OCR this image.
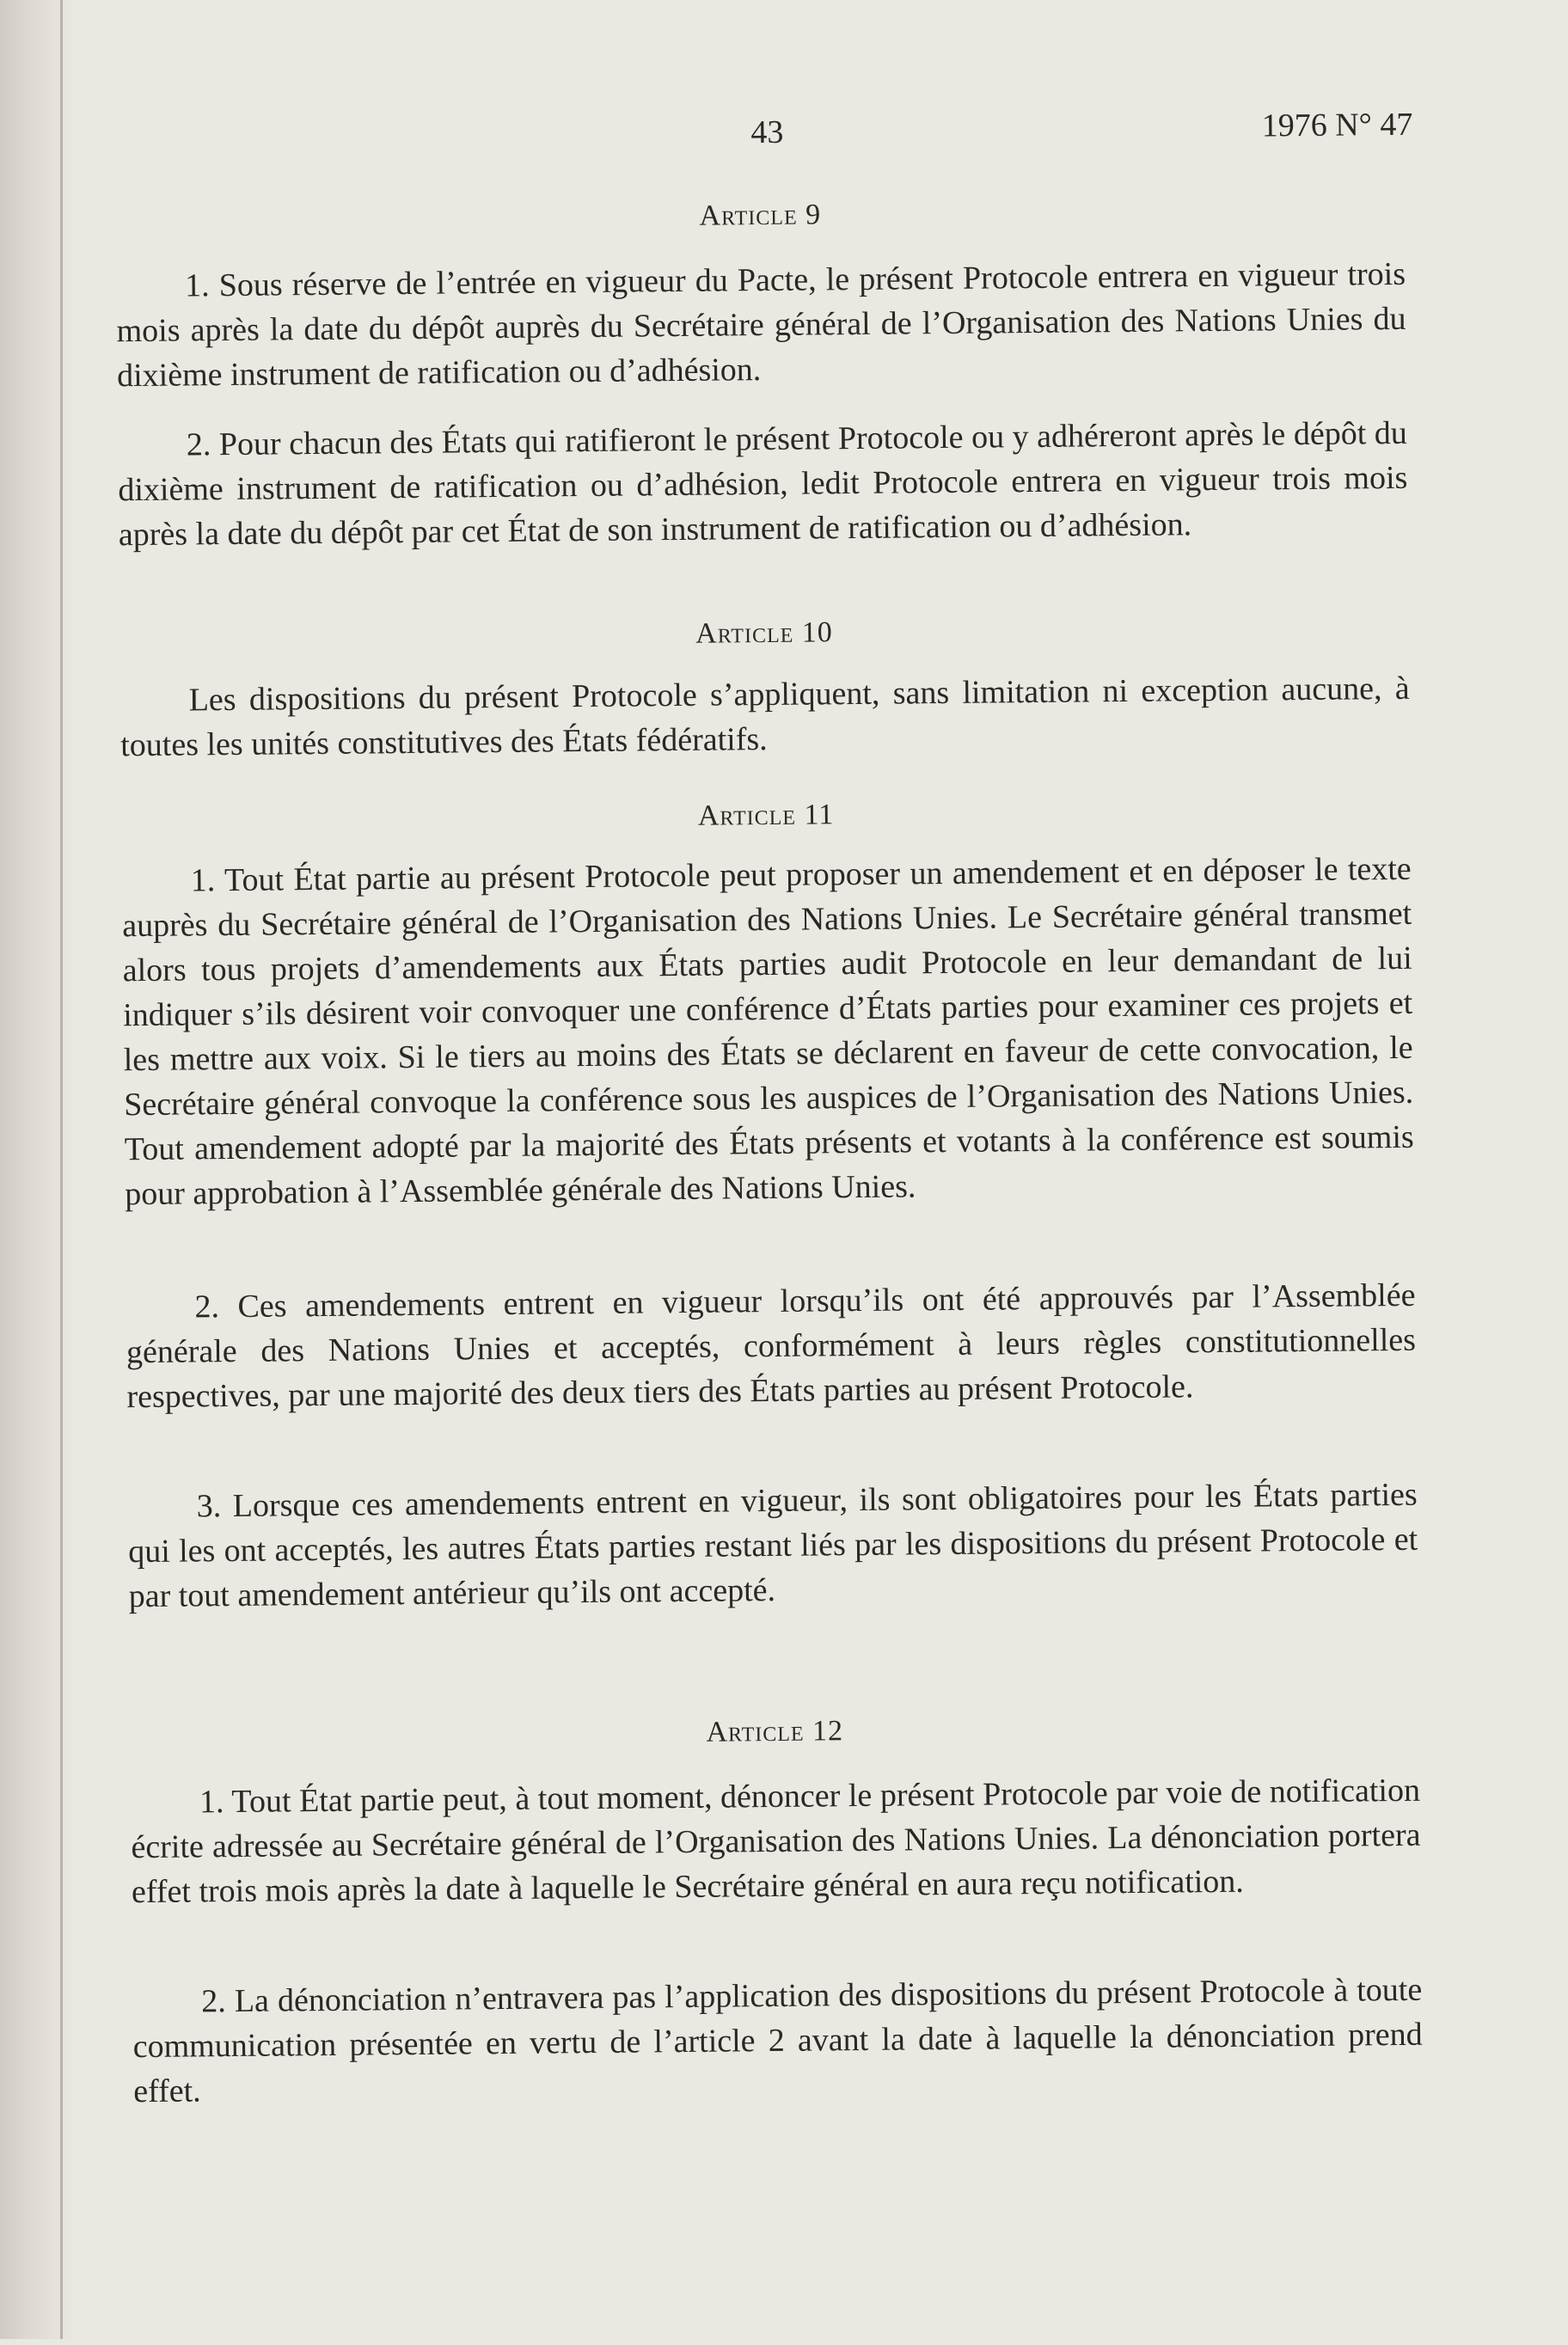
43	1976 N° 47
Article 9

1. Sous réserve de l’entrée en vigueur du Pacte, le présent Protocole entrera en vigueur trois mois après la date du dépôt auprès du Secrétaire général de l’Organisation des Nations Unies du dixième instrument de ratification ou d’adhésion.

2. Pour chacun des États qui ratifieront le présent Protocole ou y adhéreront après le dépôt du dixième instrument de ratification ou d’adhésion, ledit Protocole entrera en vigueur trois mois après la date du dépôt par cet État de son instrument de ratification ou d’adhésion.

Article 10

Les dispositions du présent Protocole s’appliquent, sans limitation ni exception aucune, à toutes les unités constitutives des États fédératifs.

Article 11

1. Tout État partie au présent Protocole peut proposer un amendement et en déposer le texte auprès du Secrétaire général de l’Organisation des Nations Unies. Le Secrétaire général transmet alors tous projets d’amendements aux États parties audit Protocole en leur demandant de lui indiquer s’ils désirent voir convoquer une conférence d’États parties pour examiner ces projets et les mettre aux voix. Si le tiers au moins des États se déclarent en faveur de cette convocation, le Secrétaire général convoque la conférence sous les auspices de l’Organisation des Nations Unies. Tout amendement adopté par la majorité des États présents et votants à la conférence est soumis pour approbation à l’Assemblée générale des Nations Unies.

2. Ces amendements entrent en vigueur lorsqu’ils ont été approuvés par l’Assemblée générale des Nations Unies et acceptés, conformément à leurs règles constitutionnelles respectives, par une majorité des deux tiers des États parties au présent Protocole.

3. Lorsque ces amendements entrent en vigueur, ils sont obligatoires pour les États parties qui les ont acceptés, les autres États parties restant liés par les dispositions du présent Protocole et par tout amendement antérieur qu’ils ont accepté.

Article 12

1. Tout État partie peut, à tout moment, dénoncer le présent Protocole par voie de notification écrite adressée au Secrétaire général de l’Organisation des Nations Unies. La dénonciation portera effet trois mois après la date à laquelle le Secrétaire général en aura reçu notification.

2. La dénonciation n’entravera pas l’application des dispositions du présent Protocole à toute communication présentée en vertu de l’article 2 avant la date à laquelle la dénonciation prend effet.
